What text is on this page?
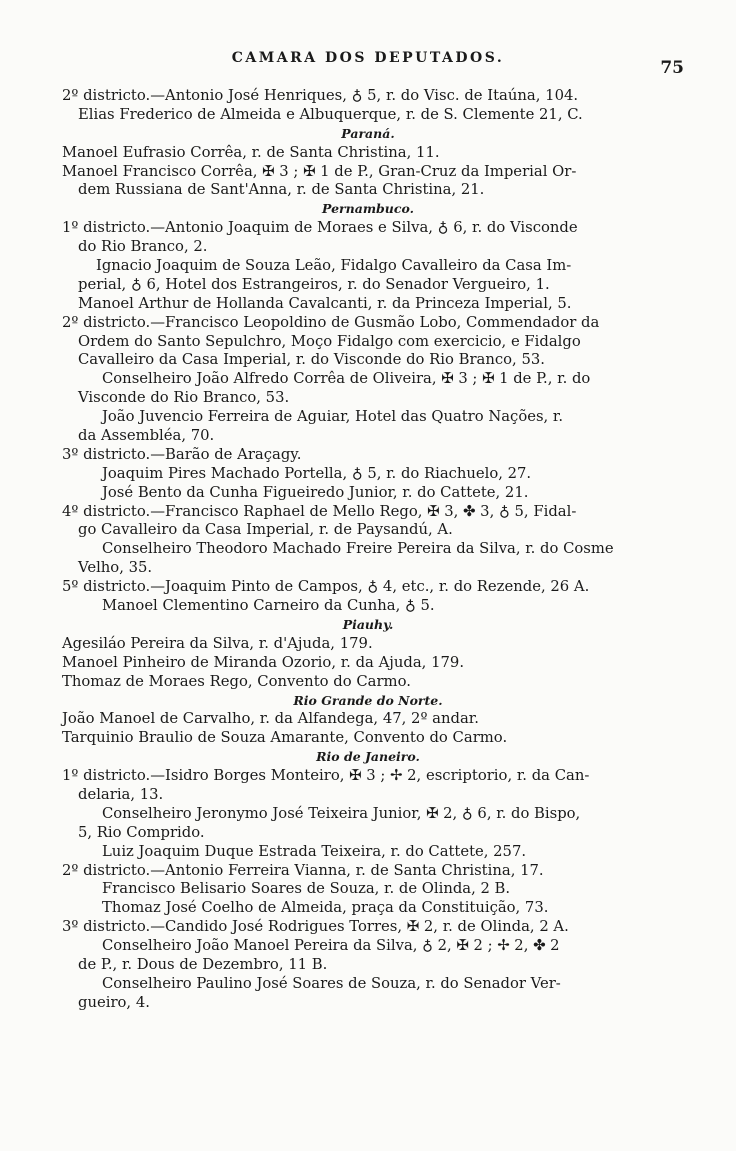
CAMARA DOS DEPUTADOS.	75
2º districto.—Antonio José Henriques, ♁ 5, r. do Visc. de Itaúna, 104.
Elias Frederico de Almeida e Albuquerque, r. de S. Clemente 21, C.
Paraná.
Manoel Eufrasio Corrêa, r. de Santa Christina, 11.
Manoel Francisco Corrêa, ✠ 3 ; ✠ 1 de P., Gran-Cruz da Imperial Or-
dem Russiana de Sant'Anna, r. de Santa Christina, 21.
Pernambuco.
1º districto.—Antonio Joaquim de Moraes e Silva, ♁ 6, r. do Visconde
do Rio Branco, 2.
Ignacio Joaquim de Souza Leão, Fidalgo Cavalleiro da Casa Im-
perial, ♁ 6, Hotel dos Estrangeiros, r. do Senador Vergueiro, 1.
Manoel Arthur de Hollanda Cavalcanti, r. da Princeza Imperial, 5.
2º districto.—Francisco Leopoldino de Gusmão Lobo, Commendador da
Ordem do Santo Sepulchro, Moço Fidalgo com exercicio, e Fidalgo
Cavalleiro da Casa Imperial, r. do Visconde do Rio Branco, 53.
Conselheiro João Alfredo Corrêa de Oliveira, ✠ 3 ; ✠ 1 de P., r. do
Visconde do Rio Branco, 53.
João Juvencio Ferreira de Aguiar, Hotel das Quatro Nações, r.
da Assembléa, 70.
3º districto.—Barão de Araçagy.
Joaquim Pires Machado Portella, ♁ 5, r. do Riachuelo, 27.
José Bento da Cunha Figueiredo Junior, r. do Cattete, 21.
4º districto.—Francisco Raphael de Mello Rego, ✠ 3, ✤ 3, ♁ 5, Fidal-
go Cavalleiro da Casa Imperial, r. de Paysandú, A.
Conselheiro Theodoro Machado Freire Pereira da Silva, r. do Cosme
Velho, 35.
5º districto.—Joaquim Pinto de Campos, ♁ 4, etc., r. do Rezende, 26 A.
Manoel Clementino Carneiro da Cunha, ♁ 5.
Piauhy.
Agesiláo Pereira da Silva, r. d'Ajuda, 179.
Manoel Pinheiro de Miranda Ozorio, r. da Ajuda, 179.
Thomaz de Moraes Rego, Convento do Carmo.
Rio Grande do Norte.
João Manoel de Carvalho, r. da Alfandega, 47, 2º andar.
Tarquinio Braulio de Souza Amarante, Convento do Carmo.
Rio de Janeiro.
1º districto.—Isidro Borges Monteiro, ✠ 3 ; ✢ 2, escriptorio, r. da Can-
delaria, 13.
Conselheiro Jeronymo José Teixeira Junior, ✠ 2, ♁ 6, r. do Bispo,
5, Rio Comprido.
Luiz Joaquim Duque Estrada Teixeira, r. do Cattete, 257.
2º districto.—Antonio Ferreira Vianna, r. de Santa Christina, 17.
Francisco Belisario Soares de Souza, r. de Olinda, 2 B.
Thomaz José Coelho de Almeida, praça da Constituição, 73.
3º districto.—Candido José Rodrigues Torres, ✠ 2, r. de Olinda, 2 A.
Conselheiro João Manoel Pereira da Silva, ♁ 2, ✠ 2 ; ✢ 2, ✤ 2
de P., r. Dous de Dezembro, 11 B.
Conselheiro Paulino José Soares de Souza, r. do Senador Ver-
gueiro, 4.
